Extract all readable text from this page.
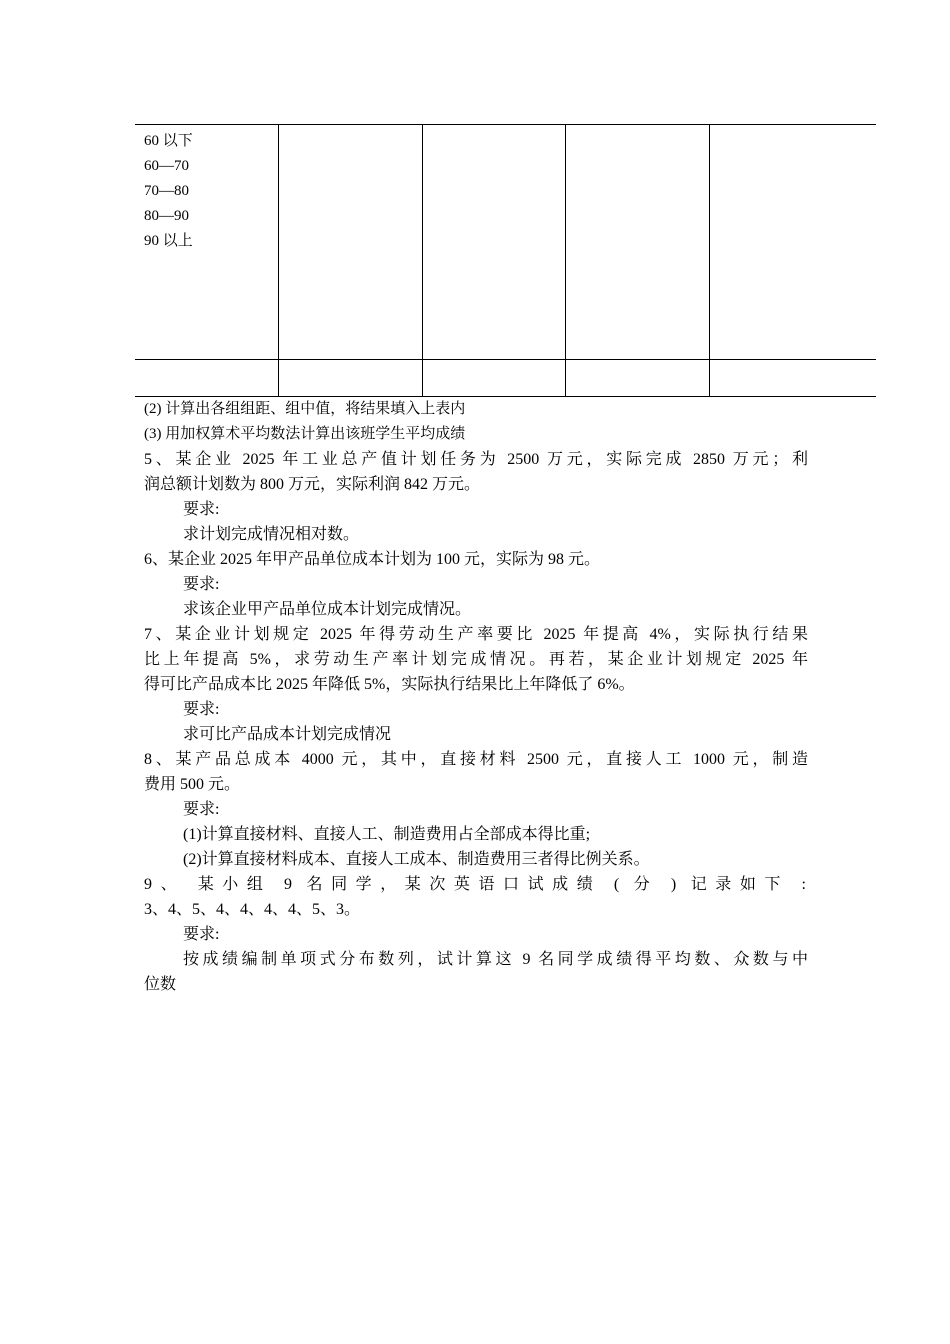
60 以下
60—70
70—80
80—90
90 以上
(2) 计算出各组组距、组中值，将结果填入上表内
(3) 用加权算术平均数法计算出该班学生平均成绩
5、某企业 2025 年工业总产值计划任务为 2500 万元，实际完成 2850 万元；利
润总额计划数为 800 万元，实际利润 842 万元。
要求:
求计划完成情况相对数。
6、某企业 2025 年甲产品单位成本计划为 100 元，实际为 98 元。
要求:
求该企业甲产品单位成本计划完成情况。
7、某企业计划规定 2025 年得劳动生产率要比 2025 年提高 4%，实际执行结果
比上年提高 5%，求劳动生产率计划完成情况。再若，某企业计划规定 2025 年
得可比产品成本比 2025 年降低 5%，实际执行结果比上年降低了 6%。
要求:
求可比产品成本计划完成情况
8、某产品总成本 4000 元，其中，直接材料 2500 元，直接人工 1000 元，制造
费用 500 元。
要求:
(1)计算直接材料、直接人工、制造费用占全部成本得比重;
(2)计算直接材料成本、直接人工成本、制造费用三者得比例关系。
9、 某小组 9 名同学，某次英语口试成绩 ( 分 ) 记录如下 :
3、4、5、4、4、4、4、5、3。
要求:
按成绩编制单项式分布数列，试计算这 9 名同学成绩得平均数、众数与中
位数
